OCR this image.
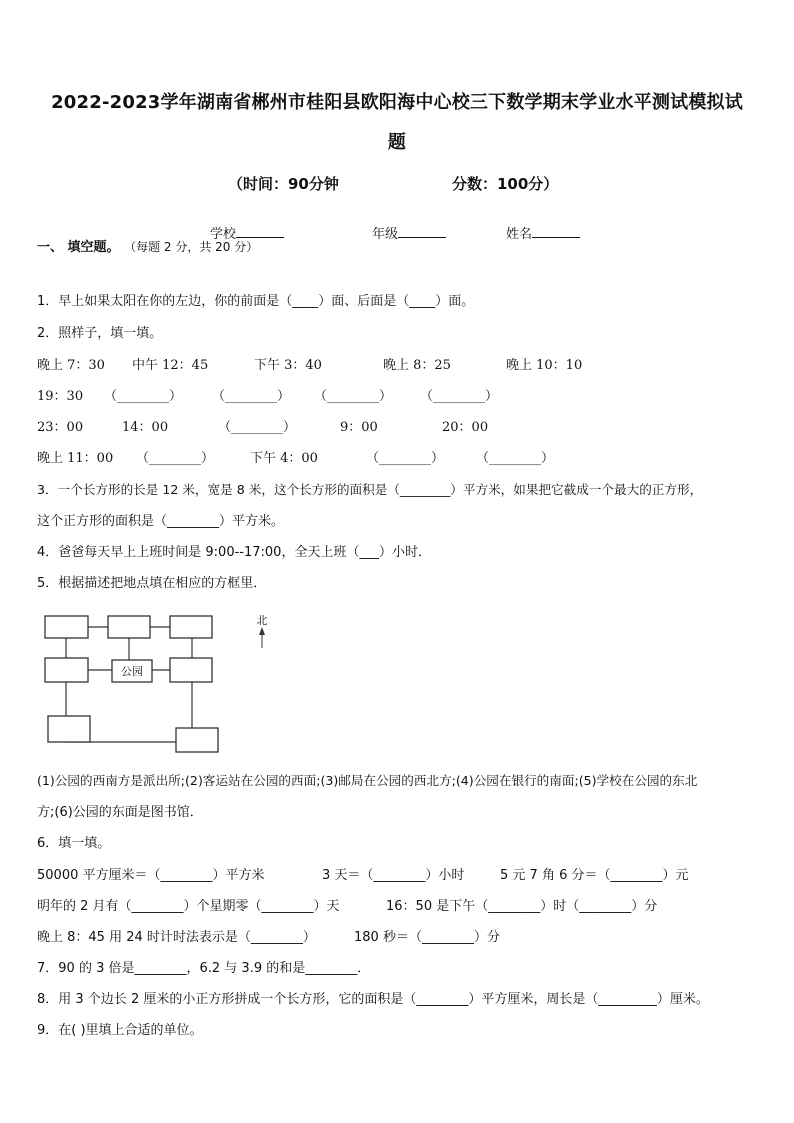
2022-2023学年湖南省郴州市桂阳县欧阳海中心校三下数学期末学业水平测试模拟试
题
（时间：90分钟	分数：100分）
学校	年级	姓名
一、 填空题。 （每题 2 分，共 20 分）
1．早上如果太阳在你的左边，你的前面是（____）面、后面是（____）面。
2．照样子，填一填。
晚上 7：30 中午 12：45	下午 3：40	晚上 8：25	晚上 10：10
19：30 （________） （________） （________） （________）
23：00	14：00	（________）	9：00	20：00
晚上 11：00 （________）	下午 4：00	（________） （________）
3．一个长方形的长是 12 米，宽是 8 米，这个长方形的面积是（________）平方米，如果把它截成一个最大的正方形，
这个正方形的面积是（________）平方米。
4．爸爸每天早上上班时间是 9:00--17:00，全天上班（___）小时．
5．根据描述把地点填在相应的方框里．
公园
北
(1)公园的西南方是派出所;(2)客运站在公园的西面;(3)邮局在公园的西北方;(4)公园在银行的南面;(5)学校在公园的东北
方;(6)公园的东面是图书馆．
6．填一填。
50000 平方厘米＝（________）平方米	3 天＝（________）小时	5 元 7 角 6 分＝（________）元
明年的 2 月有（________）个星期零（________）天	16：50 是下午（________）时（________）分
晚上 8：45 用 24 时计时法表示是（________）	180 秒＝（________）分
7．90 的 3 倍是________，6.2 与 3.9 的和是________．
8．用 3 个边长 2 厘米的小正方形拼成一个长方形，它的面积是（________）平方厘米，周长是（_________）厘米。
9．在( )里填上合适的单位。
